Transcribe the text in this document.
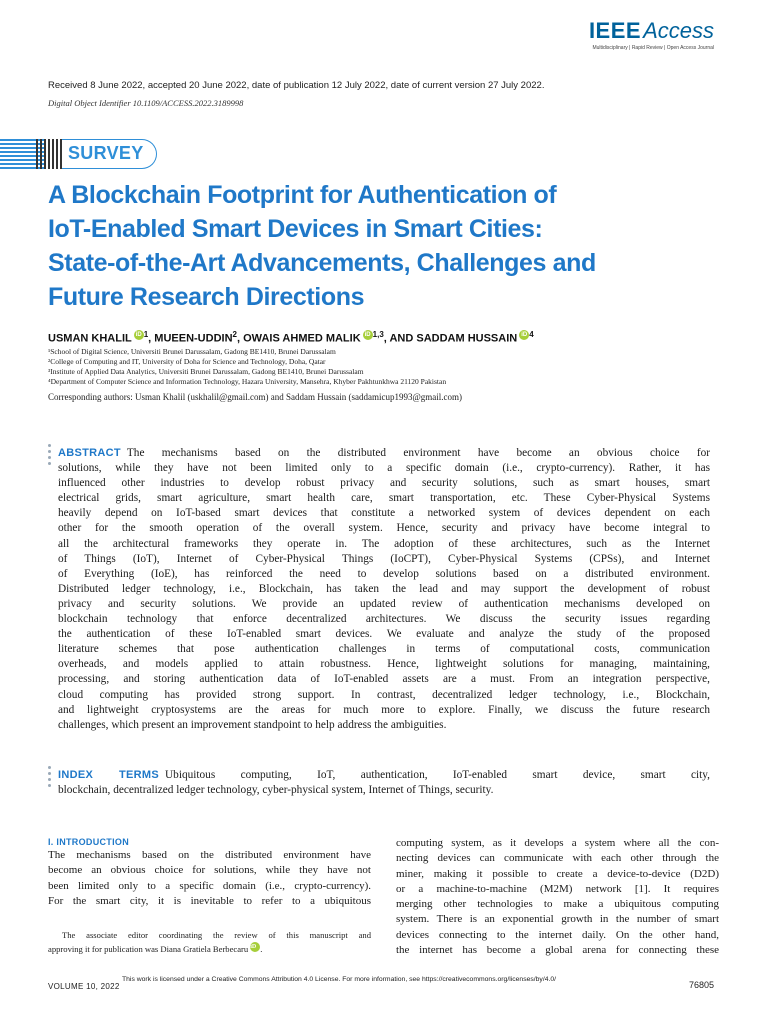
IEEEAccess
Multidisciplinary | Rapid Review | Open Access Journal
Received 8 June 2022, accepted 20 June 2022, date of publication 12 July 2022, date of current version 27 July 2022.
Digital Object Identifier 10.1109/ACCESS.2022.3189998
SURVEY
A Blockchain Footprint for Authentication of
IoT-Enabled Smart Devices in Smart Cities:
State-of-the-Art Advancements, Challenges and
Future Research Directions
USMAN KHALIL iD $^1$, MUEEN-UDDIN$^2$, OWAIS AHMED MALIK iD $^{1,3}$, AND SADDAM HUSSAIN iD $^4$
¹School of Digital Science, Universiti Brunei Darussalam, Gadong BE1410, Brunei Darussalam
²College of Computing and IT, University of Doha for Science and Technology, Doha, Qatar
³Institute of Applied Data Analytics, Universiti Brunei Darussalam, Gadong BE1410, Brunei Darussalam
⁴Department of Computer Science and Information Technology, Hazara University, Mansehra, Khyber Pakhtunkhwa 21120 Pakistan
Corresponding authors: Usman Khalil (uskhalil@gmail.com) and Saddam Hussain (saddamicup1993@gmail.com)
ABSTRACT The mechanisms based on the distributed environment have become an obvious choice for
solutions, while they have not been limited only to a specific domain (i.e., crypto-currency). Rather, it has
influenced other industries to develop robust privacy and security solutions, such as smart houses, smart
electrical grids, smart agriculture, smart health care, smart transportation, etc. These Cyber-Physical Systems
heavily depend on IoT-based smart devices that constitute a networked system of devices dependent on each
other for the smooth operation of the overall system. Hence, security and privacy have become integral to
all the architectural frameworks they operate in. The adoption of these architectures, such as the Internet
of Things (IoT), Internet of Cyber-Physical Things (IoCPT), Cyber-Physical Systems (CPSs), and Internet
of Everything (IoE), has reinforced the need to develop solutions based on a distributed environment.
Distributed ledger technology, i.e., Blockchain, has taken the lead and may support the development of robust
privacy and security solutions. We provide an updated review of authentication mechanisms developed on
blockchain technology that enforce decentralized architectures. We discuss the security issues regarding
the authentication of these IoT-enabled smart devices. We evaluate and analyze the study of the proposed
literature schemes that pose authentication challenges in terms of computational costs, communication
overheads, and models applied to attain robustness. Hence, lightweight solutions for managing, maintaining,
processing, and storing authentication data of IoT-enabled assets are a must. From an integration perspective,
cloud computing has provided strong support. In contrast, decentralized ledger technology, i.e., Blockchain,
and lightweight cryptosystems are the areas for much more to explore. Finally, we discuss the future research
challenges, which present an improvement standpoint to help address the ambiguities.
INDEX TERMS Ubiquitous computing, IoT, authentication, IoT-enabled smart device, smart city,
blockchain, decentralized ledger technology, cyber-physical system, Internet of Things, security.
I. INTRODUCTION
The mechanisms based on the distributed environment have
become an obvious choice for solutions, while they have not
been limited only to a specific domain (i.e., crypto-currency).
For the smart city, it is inevitable to refer to a ubiquitous
The associate editor coordinating the review of this manuscript and
approving it for publication was Diana Gratiela Berbecaru iD .
computing system, as it develops a system where all the con-
necting devices can communicate with each other through the
miner, making it possible to create a device-to-device (D2D)
or a machine-to-machine (M2M) network [1]. It requires
merging other technologies to make a ubiquitous computing
system. There is an exponential growth in the number of smart
devices connecting to the internet daily. On the other hand,
the internet has become a global arena for connecting these
VOLUME 10, 2022
This work is licensed under a Creative Commons Attribution 4.0 License. For more information, see https://creativecommons.org/licenses/by/4.0/
76805
